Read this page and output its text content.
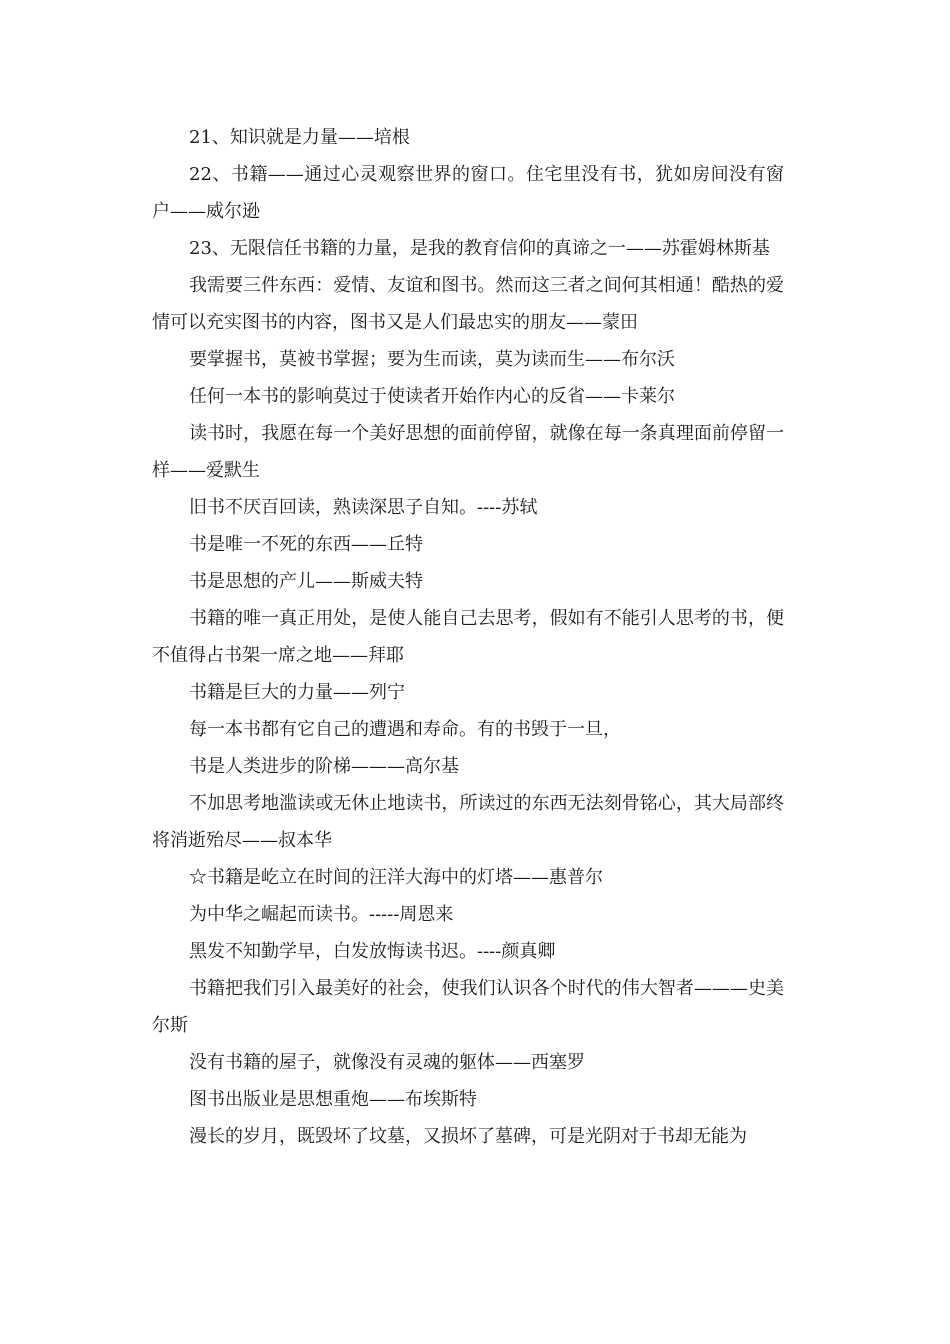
21、知识就是力量——培根

22、书籍——通过心灵观察世界的窗口。住宅里没有书，犹如房间没有窗户——威尔逊

23、无限信任书籍的力量，是我的教育信仰的真谛之一——苏霍姆林斯基

我需要三件东西：爱情、友谊和图书。然而这三者之间何其相通！酷热的爱情可以充实图书的内容，图书又是人们最忠实的朋友——蒙田

要掌握书，莫被书掌握；要为生而读，莫为读而生——布尔沃

任何一本书的影响莫过于使读者开始作内心的反省——卡莱尔

读书时，我愿在每一个美好思想的面前停留，就像在每一条真理面前停留一样——爱默生

旧书不厌百回读，熟读深思子自知。----苏轼

书是唯一不死的东西——丘特

书是思想的产儿——斯威夫特

书籍的唯一真正用处，是使人能自己去思考，假如有不能引人思考的书，便不值得占书架一席之地——拜耶

书籍是巨大的力量——列宁

每一本书都有它自己的遭遇和寿命。有的书毁于一旦，

书是人类进步的阶梯———高尔基

不加思考地滥读或无休止地读书，所读过的东西无法刻骨铭心，其大局部终将消逝殆尽——叔本华

☆书籍是屹立在时间的汪洋大海中的灯塔——惠普尔

为中华之崛起而读书。-----周恩来

黑发不知勤学早，白发放悔读书迟。----颜真卿

书籍把我们引入最美好的社会，使我们认识各个时代的伟大智者———史美尔斯

没有书籍的屋子，就像没有灵魂的躯体——西塞罗

图书出版业是思想重炮——布埃斯特

漫长的岁月，既毁坏了坟墓，又损坏了墓碑，可是光阴对于书却无能为
